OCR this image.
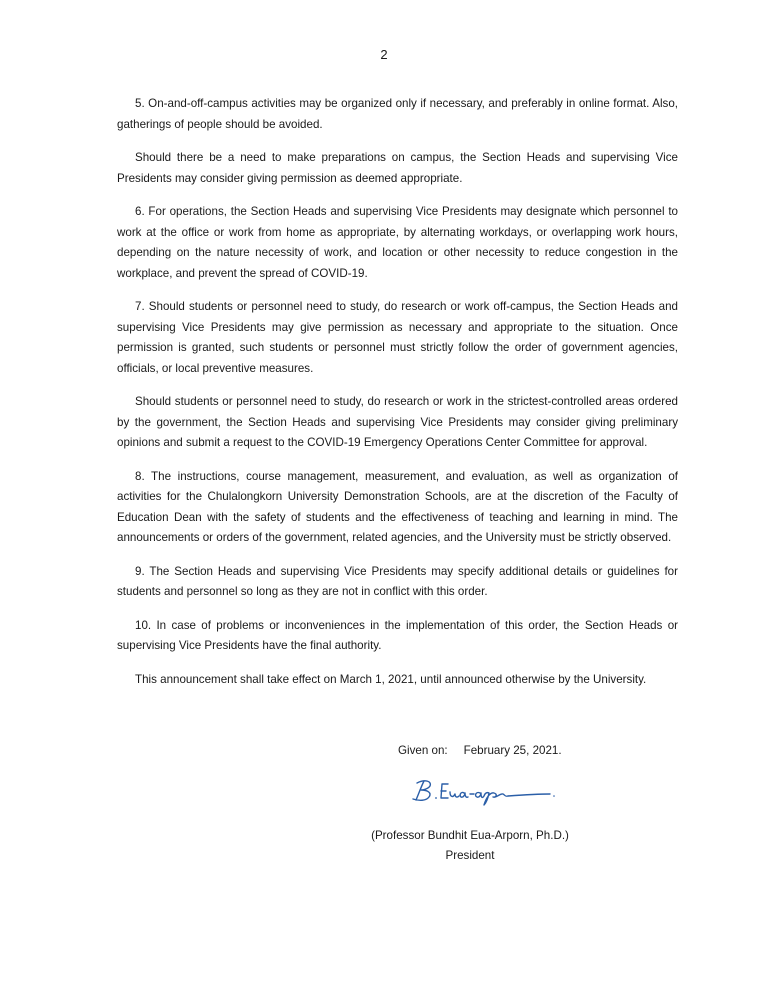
2

5. On-and-off-campus activities may be organized only if necessary, and preferably in online format. Also, gatherings of people should be avoided.

Should there be a need to make preparations on campus, the Section Heads and supervising Vice Presidents may consider giving permission as deemed appropriate.

6. For operations, the Section Heads and supervising Vice Presidents may designate which personnel to work at the office or work from home as appropriate, by alternating workdays, or overlapping work hours, depending on the nature necessity of work, and location or other necessity to reduce congestion in the workplace, and prevent the spread of COVID-19.

7. Should students or personnel need to study, do research or work off-campus, the Section Heads and supervising Vice Presidents may give permission as necessary and appropriate to the situation. Once permission is granted, such students or personnel must strictly follow the order of government agencies, officials, or local preventive measures.

Should students or personnel need to study, do research or work in the strictest-controlled areas ordered by the government, the Section Heads and supervising Vice Presidents may consider giving preliminary opinions and submit a request to the COVID-19 Emergency Operations Center Committee for approval.

8. The instructions, course management, measurement, and evaluation, as well as organization of activities for the Chulalongkorn University Demonstration Schools, are at the discretion of the Faculty of Education Dean with the safety of students and the effectiveness of teaching and learning in mind. The announcements or orders of the government, related agencies, and the University must be strictly observed.

9. The Section Heads and supervising Vice Presidents may specify additional details or guidelines for students and personnel so long as they are not in conflict with this order.

10. In case of problems or inconveniences in the implementation of this order, the Section Heads or supervising Vice Presidents have the final authority.

This announcement shall take effect on March 1, 2021, until announced otherwise by the University.

Given on: February 25, 2021.
(Professor Bundhit Eua-Arporn, Ph.D.)
President
